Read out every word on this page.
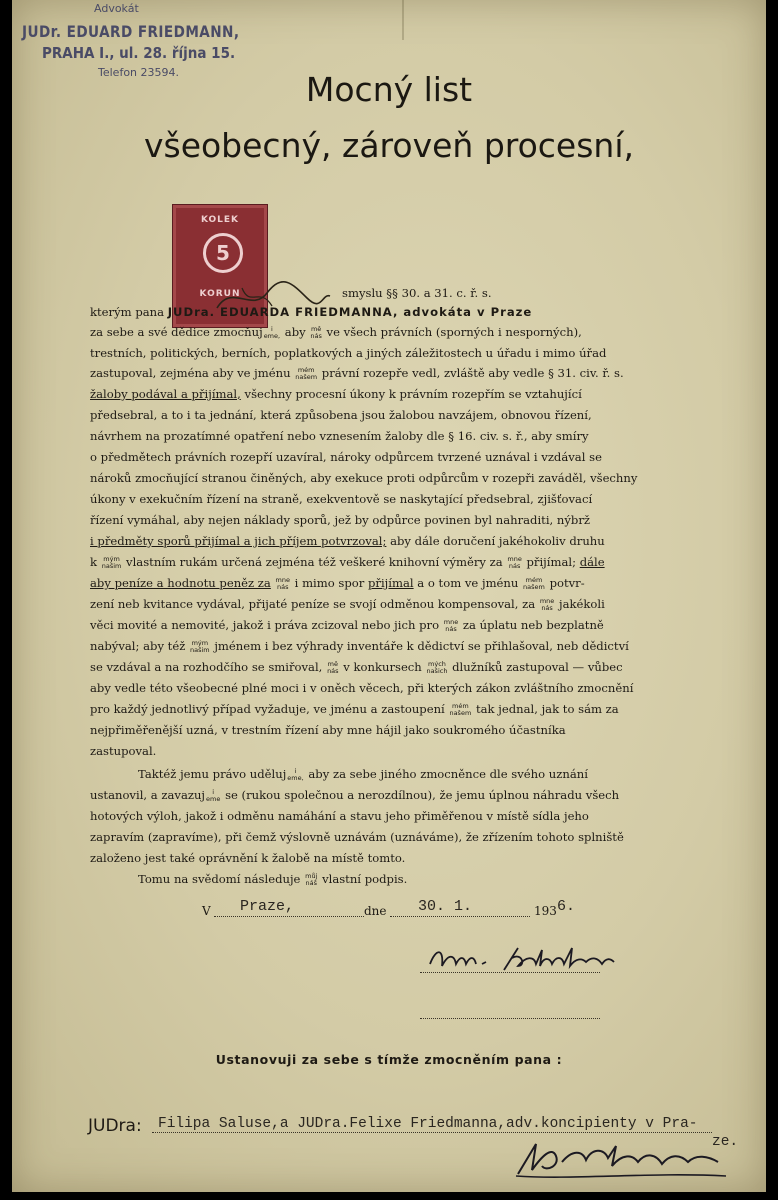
Advokát
JUDr. EDUARD FRIEDMANN,
PRAHA I., ul. 28. října 15.
Telefon 23594.	Mocný list
všeobecný, zároveň procesní,
KOLEK
5
KORUN	smyslu §§ 30. a 31. c. ř. s.
kterým pana JUDra. EDUARDA FRIEDMANNA, advokáta v Praze
za sebe a své dědice zmocňuj	i
eme, aby mě
nás ve všech právních (sporných i nesporných),
trestních, politických, berních, poplatkových a jiných záležitostech u úřadu i mimo úřad
zastupoval, zejména aby ve jménu	mém
našem právní rozepře vedl, zvláště aby vedle § 31. civ. ř. s.
žaloby podával a přijímal, všechny procesní úkony k právním rozepřím se vztahující
předsebral, a to i ta jednání, která způsobena jsou žalobou navzájem, obnovou řízení,
návrhem na prozatímné opatření nebo vznesením žaloby dle § 16. civ. s. ř., aby smíry
o předmětech právních rozepří uzavíral, nároky odpůrcem tvrzené uznával i vzdával se
nároků zmocňující stranou činěných, aby exekuce proti odpůrcům v rozepři zaváděl, všechny
úkony v exekučním řízení na straně, exekventově se naskytající předsebral, zjišťovací
řízení vymáhal, aby nejen náklady sporů, jež by odpůrce povinen byl nahraditi, nýbrž
i předměty sporů přijímal a jich příjem potvrzoval; aby dále doručení jakéhokoliv druhu
k mým
našim vlastním rukám určená zejména též veškeré knihovní výměry za mne
nás přijímal; dále
aby peníze a hodnotu peněz za mne
nás i mimo spor přijímal a o tom ve jménu	mém
našem potvr-
zení neb kvitance vydával, přijaté peníze se svojí odměnou kompensoval, za mne
nás jakékoli
věci movité a nemovité, jakož i práva zcizoval nebo jich pro mne
nás za úplatu neb bezplatně
nabýval; aby též mým
našim jménem i bez výhrady inventáře k dědictví se přihlašoval, neb dědictví
se vzdával a na rozhodčího se smiřoval, mě
nás v konkursech mých
našich dlužníků zastupoval — vůbec
aby vedle této všeobecné plné moci i v oněch věcech, při kterých zákon zvláštního zmocnění
pro každý jednotlivý případ vyžaduje, ve jménu a zastoupení	mém
našem tak jednal, jak to sám za
nejpřiměřenější uzná, v trestním řízení aby mne hájil jako soukromého účastníka
zastupoval.
Taktéž jemu právo uděluj	i
eme, aby za sebe jiného zmocněnce dle svého uznání
ustanovil, a zavazuj	i
eme se (rukou společnou a nerozdílnou), že jemu úplnou náhradu všech
hotových výloh, jakož i odměnu namáhání a stavu jeho přiměřenou v místě sídla jeho
zapravím (zapravíme), při čemž výslovně uznávám (uznáváme), že zřízením tohoto splniště
založeno jest také oprávnění k žalobě na místě tomto.
Tomu na svědomí následuje můj
náš vlastní podpis.
V Praze,	dne 30. 1.	193 6.
Ustanovuji za sebe s tímže zmocněním pana :
JUDra: Filipa Saluse,a JUDra.Felixe Friedmanna,adv.koncipienty v Pra-
ze.
